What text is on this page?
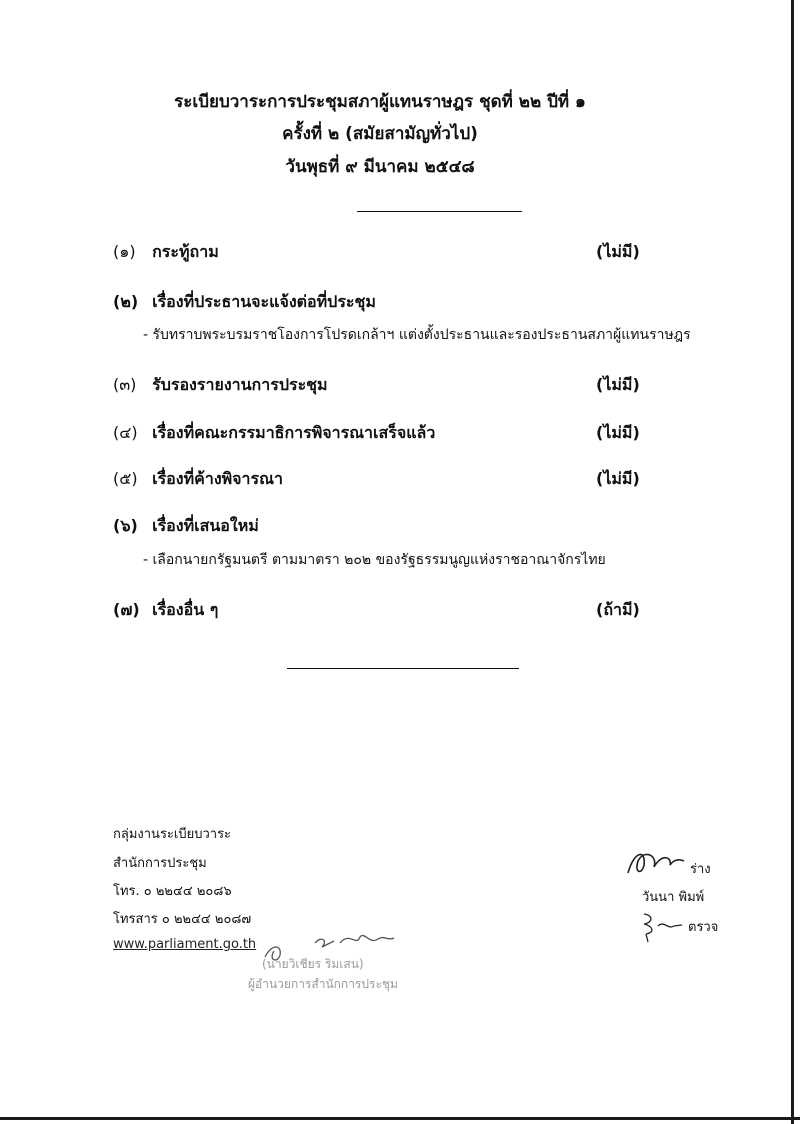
ระเบียบวาระการประชุมสภาผู้แทนราษฎร ชุดที่ ๒๒ ปีที่ ๑
ครั้งที่ ๒ (สมัยสามัญทั่วไป)
วันพุธที่ ๙ มีนาคม ๒๕๔๘
(๑) กระทู้ถาม	(ไม่มี)
(๒) เรื่องที่ประธานจะแจ้งต่อที่ประชุม
- รับทราบพระบรมราชโองการโปรดเกล้าฯ แต่งตั้งประธานและรองประธานสภาผู้แทนราษฎร
(๓) รับรองรายงานการประชุม	(ไม่มี)
(๔) เรื่องที่คณะกรรมาธิการพิจารณาเสร็จแล้ว	(ไม่มี)
(๕) เรื่องที่ค้างพิจารณา	(ไม่มี)
(๖) เรื่องที่เสนอใหม่
- เลือกนายกรัฐมนตรี ตามมาตรา ๒๐๒ ของรัฐธรรมนูญแห่งราชอาณาจักรไทย
(๗) เรื่องอื่น ๆ	(ถ้ามี)
กลุ่มงานระเบียบวาระ
สำนักการประชุม
โทร. ๐ ๒๒๔๔ ๒๐๘๖
โทรสาร ๐ ๒๒๔๔ ๒๐๘๗
www.parliament.go.th
(นายวิเชียร ริมเสน)
ผู้อำนวยการสำนักการประชุม
ร่าง
วันนา พิมพ์
ตรวจ
